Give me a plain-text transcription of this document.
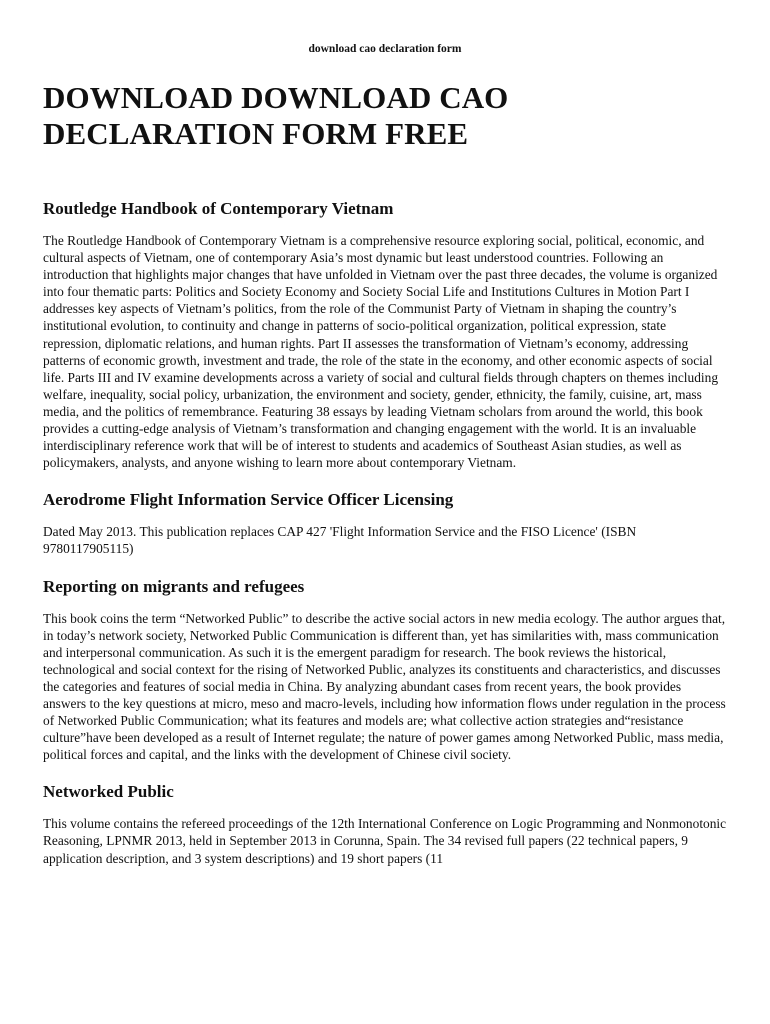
download cao declaration form
DOWNLOAD DOWNLOAD CAO DECLARATION FORM FREE
Routledge Handbook of Contemporary Vietnam

The Routledge Handbook of Contemporary Vietnam is a comprehensive resource exploring social, political, economic, and cultural aspects of Vietnam, one of contemporary Asia’s most dynamic but least understood countries. Following an introduction that highlights major changes that have unfolded in Vietnam over the past three decades, the volume is organized into four thematic parts: Politics and Society Economy and Society Social Life and Institutions Cultures in Motion Part I addresses key aspects of Vietnam’s politics, from the role of the Communist Party of Vietnam in shaping the country’s institutional evolution, to continuity and change in patterns of socio-political organization, political expression, state repression, diplomatic relations, and human rights. Part II assesses the transformation of Vietnam’s economy, addressing patterns of economic growth, investment and trade, the role of the state in the economy, and other economic aspects of social life. Parts III and IV examine developments across a variety of social and cultural fields through chapters on themes including welfare, inequality, social policy, urbanization, the environment and society, gender, ethnicity, the family, cuisine, art, mass media, and the politics of remembrance. Featuring 38 essays by leading Vietnam scholars from around the world, this book provides a cutting-edge analysis of Vietnam’s transformation and changing engagement with the world. It is an invaluable interdisciplinary reference work that will be of interest to students and academics of Southeast Asian studies, as well as policymakers, analysts, and anyone wishing to learn more about contemporary Vietnam.

Aerodrome Flight Information Service Officer Licensing

Dated May 2013. This publication replaces CAP 427 'Flight Information Service and the FISO Licence' (ISBN 9780117905115)

Reporting on migrants and refugees

This book coins the term “Networked Public” to describe the active social actors in new media ecology. The author argues that, in today’s network society, Networked Public Communication is different than, yet has similarities with, mass communication and interpersonal communication. As such it is the emergent paradigm for research. The book reviews the historical, technological and social context for the rising of Networked Public, analyzes its constituents and characteristics, and discusses the categories and features of social media in China. By analyzing abundant cases from recent years, the book provides answers to the key questions at micro, meso and macro-levels, including how information flows under regulation in the process of Networked Public Communication; what its features and models are; what collective action strategies and“resistance culture”have been developed as a result of Internet regulate; the nature of power games among Networked Public, mass media, political forces and capital, and the links with the development of Chinese civil society.

Networked Public

This volume contains the refereed proceedings of the 12th International Conference on Logic Programming and Nonmonotonic Reasoning, LPNMR 2013, held in September 2013 in Corunna, Spain. The 34 revised full papers (22 technical papers, 9 application description, and 3 system descriptions) and 19 short papers (11
